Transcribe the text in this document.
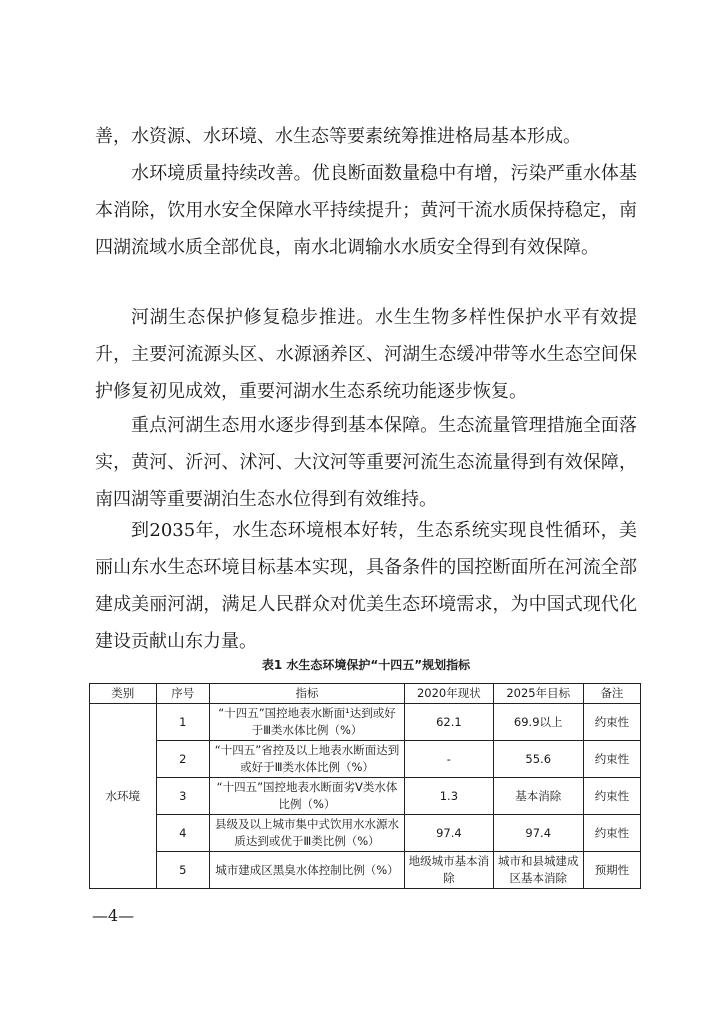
善，水资源、水环境、水生态等要素统筹推进格局基本形成。

水环境质量持续改善。优良断面数量稳中有增，污染严重水体基本消除，饮用水安全保障水平持续提升；黄河干流水质保持稳定，南四湖流域水质全部优良，南水北调输水水质安全得到有效保障。

河湖生态保护修复稳步推进。水生生物多样性保护水平有效提升，主要河流源头区、水源涵养区、河湖生态缓冲带等水生态空间保护修复初见成效，重要河湖水生态系统功能逐步恢复。

重点河湖生态用水逐步得到基本保障。生态流量管理措施全面落实，黄河、沂河、沭河、大汶河等重要河流生态流量得到有效保障，南四湖等重要湖泊生态水位得到有效维持。

到2035年，水生态环境根本好转，生态系统实现良性循环，美丽山东水生态环境目标基本实现，具备条件的国控断面所在河流全部建成美丽河湖，满足人民群众对优美生态环境需求，为中国式现代化建设贡献山东力量。

表1 水生态环境保护“十四五”规划指标
类别	序号	指标	2020年现状	2025年目标	备注
水环境	1	“十四五”国控地表水断面¹达到或好于Ⅲ类水体比例（%）	62.1	69.9以上	约束性
	2	“十四五”省控及以上地表水断面达到或好于Ⅲ类水体比例（%）	-	55.6	约束性
	3	“十四五”国控地表水断面劣Ⅴ类水体比例（%）	1.3	基本消除	约束性
	4	县级及以上城市集中式饮用水水源水质达到或优于Ⅲ类比例（%）	97.4	97.4	约束性
	5	城市建成区黑臭水体控制比例（%）	地级城市基本消除	城市和县城建成区基本消除	预期性
—4—
